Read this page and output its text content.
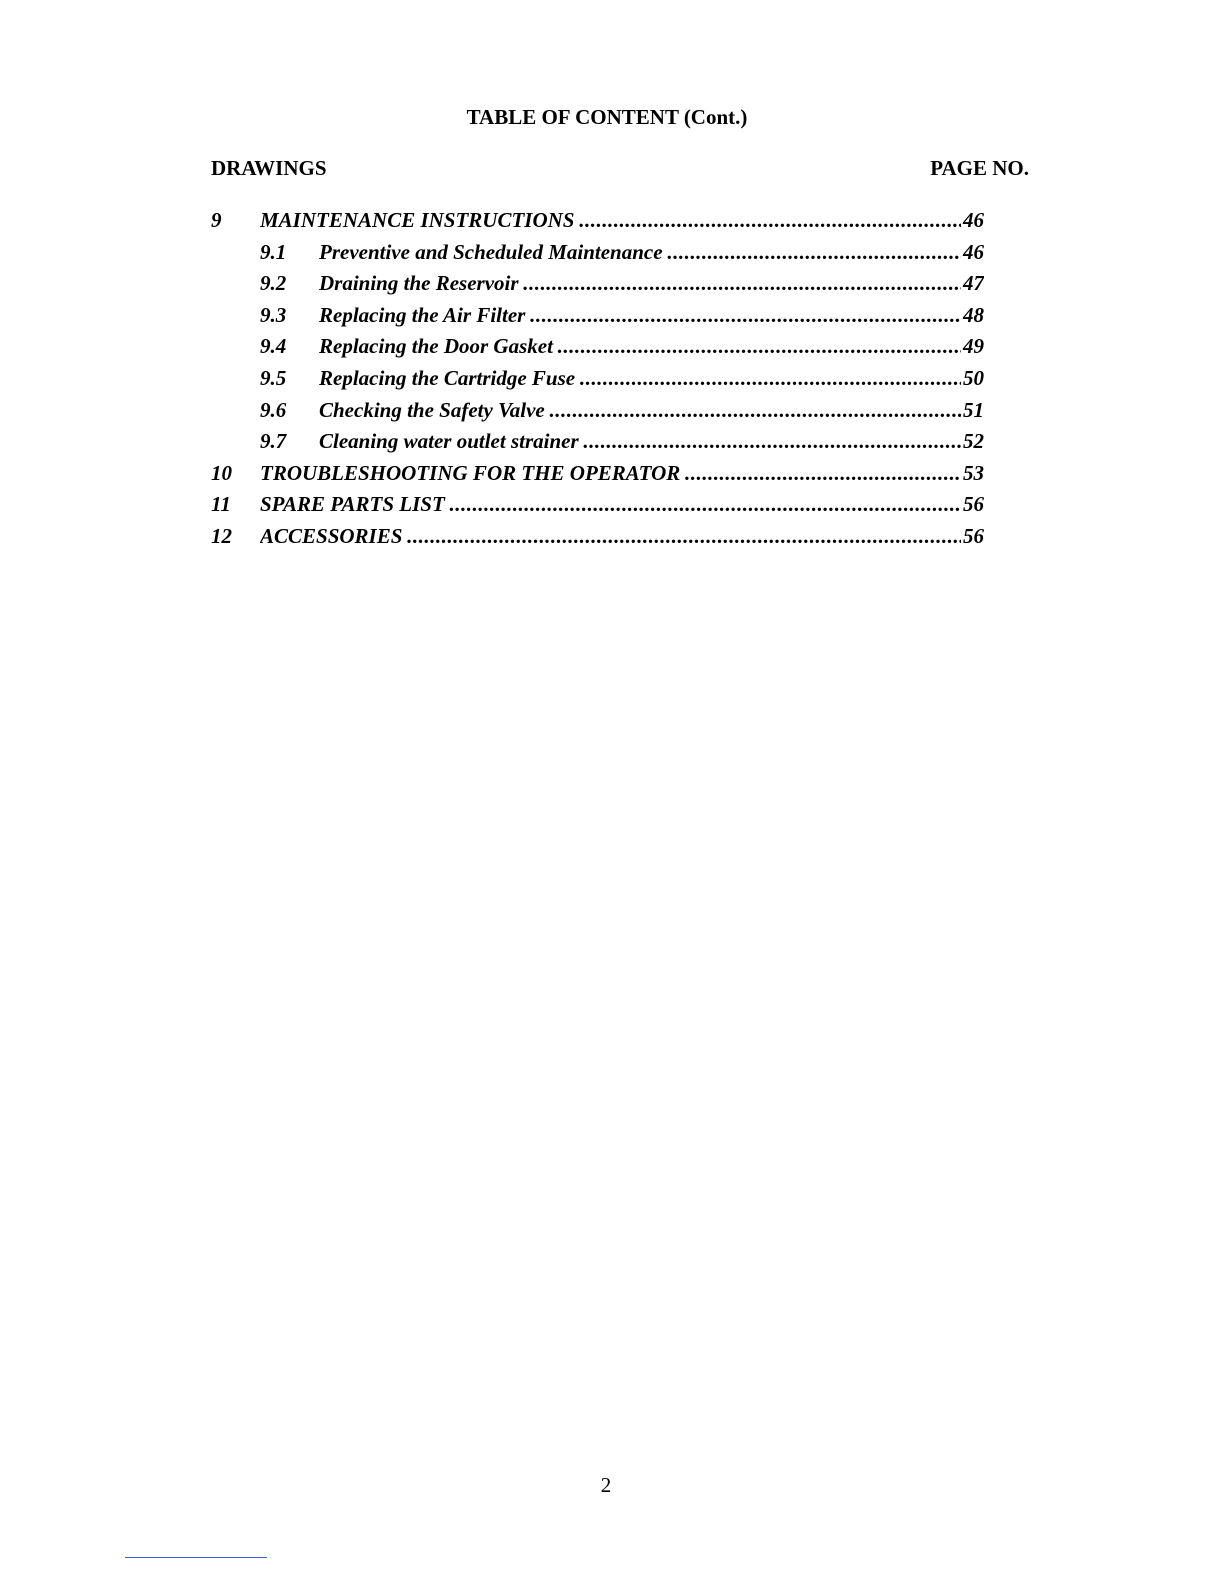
TABLE OF CONTENT (Cont.)
DRAWINGS	PAGE NO.
9 MAINTENANCE INSTRUCTIONS .....	46
9.1 Preventive and Scheduled Maintenance .....	46
9.2 Draining the Reservoir .....	47
9.3 Replacing the Air Filter .....	48
9.4 Replacing the Door Gasket .....	49
9.5 Replacing the Cartridge Fuse .....	50
9.6 Checking the Safety Valve .....	51
9.7 Cleaning water outlet strainer .....	52
10 TROUBLESHOOTING FOR THE OPERATOR .....	53
11 SPARE PARTS LIST .....	56
12 ACCESSORIES .....	56
2
